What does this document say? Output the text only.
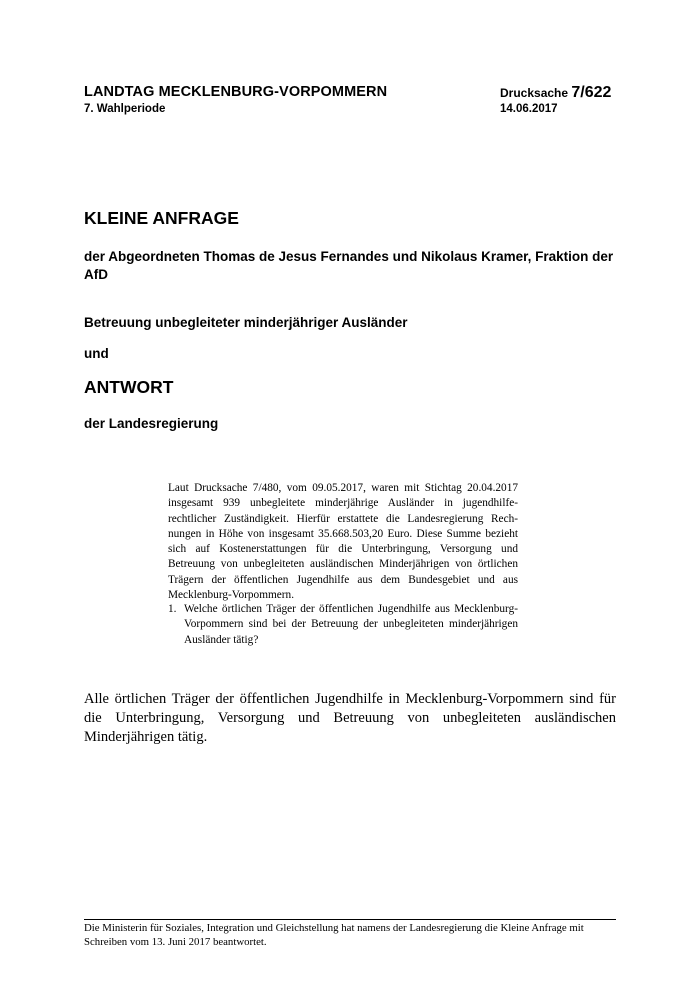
LANDTAG MECKLENBURG-VORPOMMERN
7. Wahlperiode
Drucksache 7/622
14.06.2017
KLEINE ANFRAGE
der Abgeordneten Thomas de Jesus Fernandes und Nikolaus Kramer, Fraktion der AfD
Betreuung unbegleiteter minderjähriger Ausländer
und
ANTWORT
der Landesregierung
Laut Drucksache 7/480, vom 09.05.2017, waren mit Stichtag 20.04.2017 insgesamt 939 unbegleitete minderjährige Ausländer in jugendhilfe-rechtlicher Zuständigkeit. Hierfür erstattete die Landesregierung Rech-nungen in Höhe von insgesamt 35.668.503,20 Euro. Diese Summe bezieht sich auf Kostenerstattungen für die Unterbringung, Versorgung und Betreuung von unbegleiteten ausländischen Minderjährigen von örtlichen Trägern der öffentlichen Jugendhilfe aus dem Bundesgebiet und aus Mecklenburg-Vorpommern.
1. Welche örtlichen Träger der öffentlichen Jugendhilfe aus Mecklenburg-Vorpommern sind bei der Betreuung der unbegleiteten minderjährigen Ausländer tätig?
Alle örtlichen Träger der öffentlichen Jugendhilfe in Mecklenburg-Vorpommern sind für die Unterbringung, Versorgung und Betreuung von unbegleiteten ausländischen Minderjährigen tätig.
Die Ministerin für Soziales, Integration und Gleichstellung hat namens der Landesregierung die Kleine Anfrage mit Schreiben vom 13. Juni 2017 beantwortet.
